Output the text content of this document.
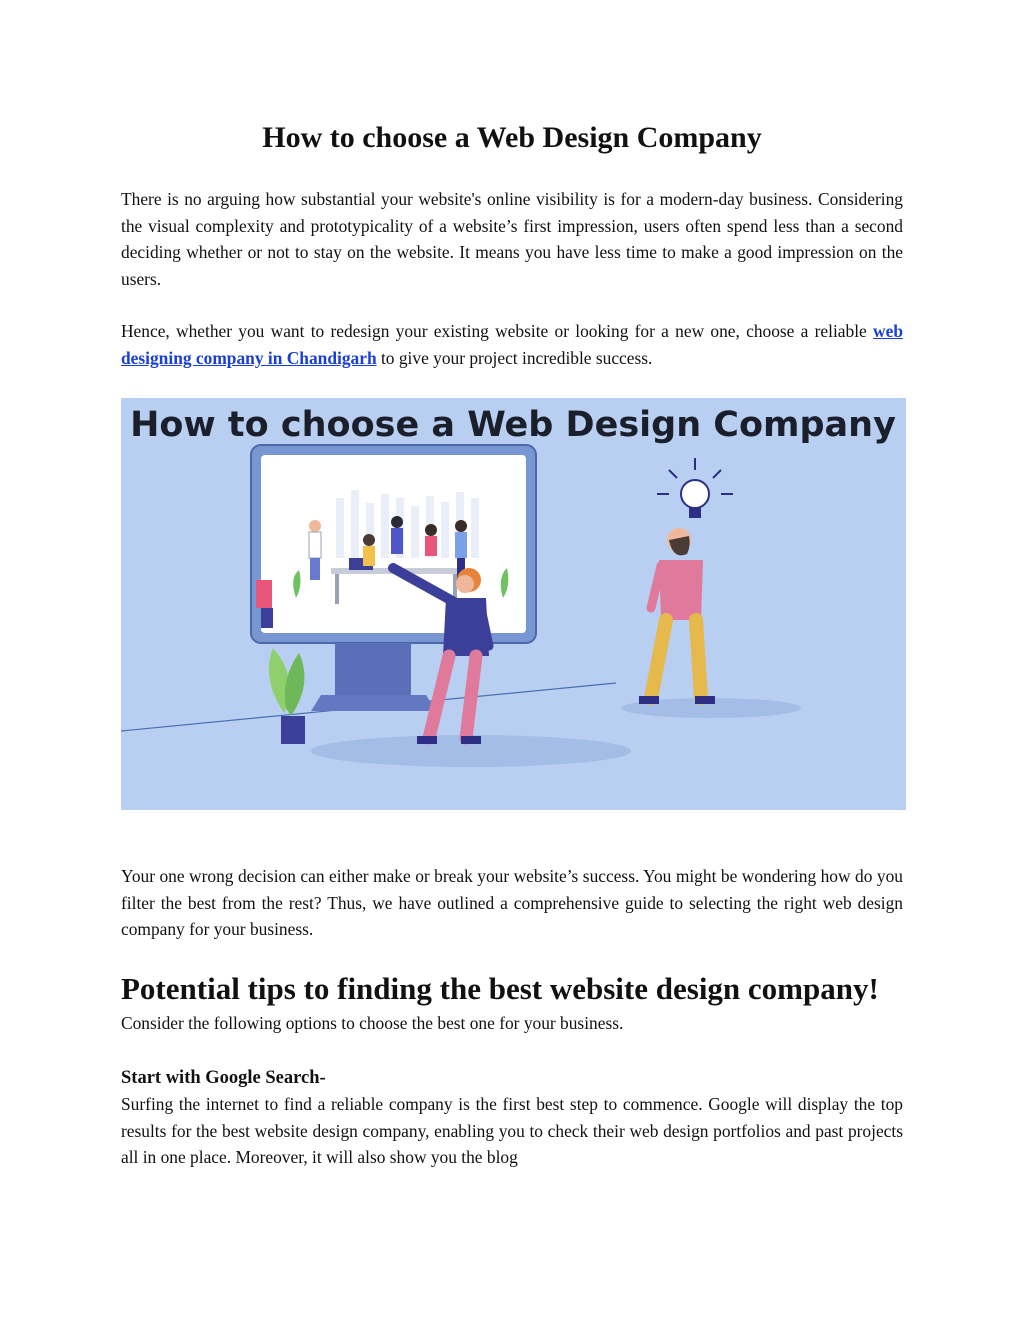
How to choose a Web Design Company

There is no arguing how substantial your website's online visibility is for a modern-day business. Considering the visual complexity and prototypicality of a website’s first impression, users often spend less than a second deciding whether or not to stay on the website. It means you have less time to make a good impression on the users.

Hence, whether you want to redesign your existing website or looking for a new one, choose a reliable web designing company in Chandigarh to give your project incredible success.

How to choose a Web Design Company

Your one wrong decision can either make or break your website’s success. You might be wondering how do you filter the best from the rest? Thus, we have outlined a comprehensive guide to selecting the right web design company for your business.

Potential tips to finding the best website design company!

Consider the following options to choose the best one for your business.

Start with Google Search-

Surfing the internet to find a reliable company is the first best step to commence. Google will display the top results for the best website design company, enabling you to check their web design portfolios and past projects all in one place. Moreover, it will also show you the blog
